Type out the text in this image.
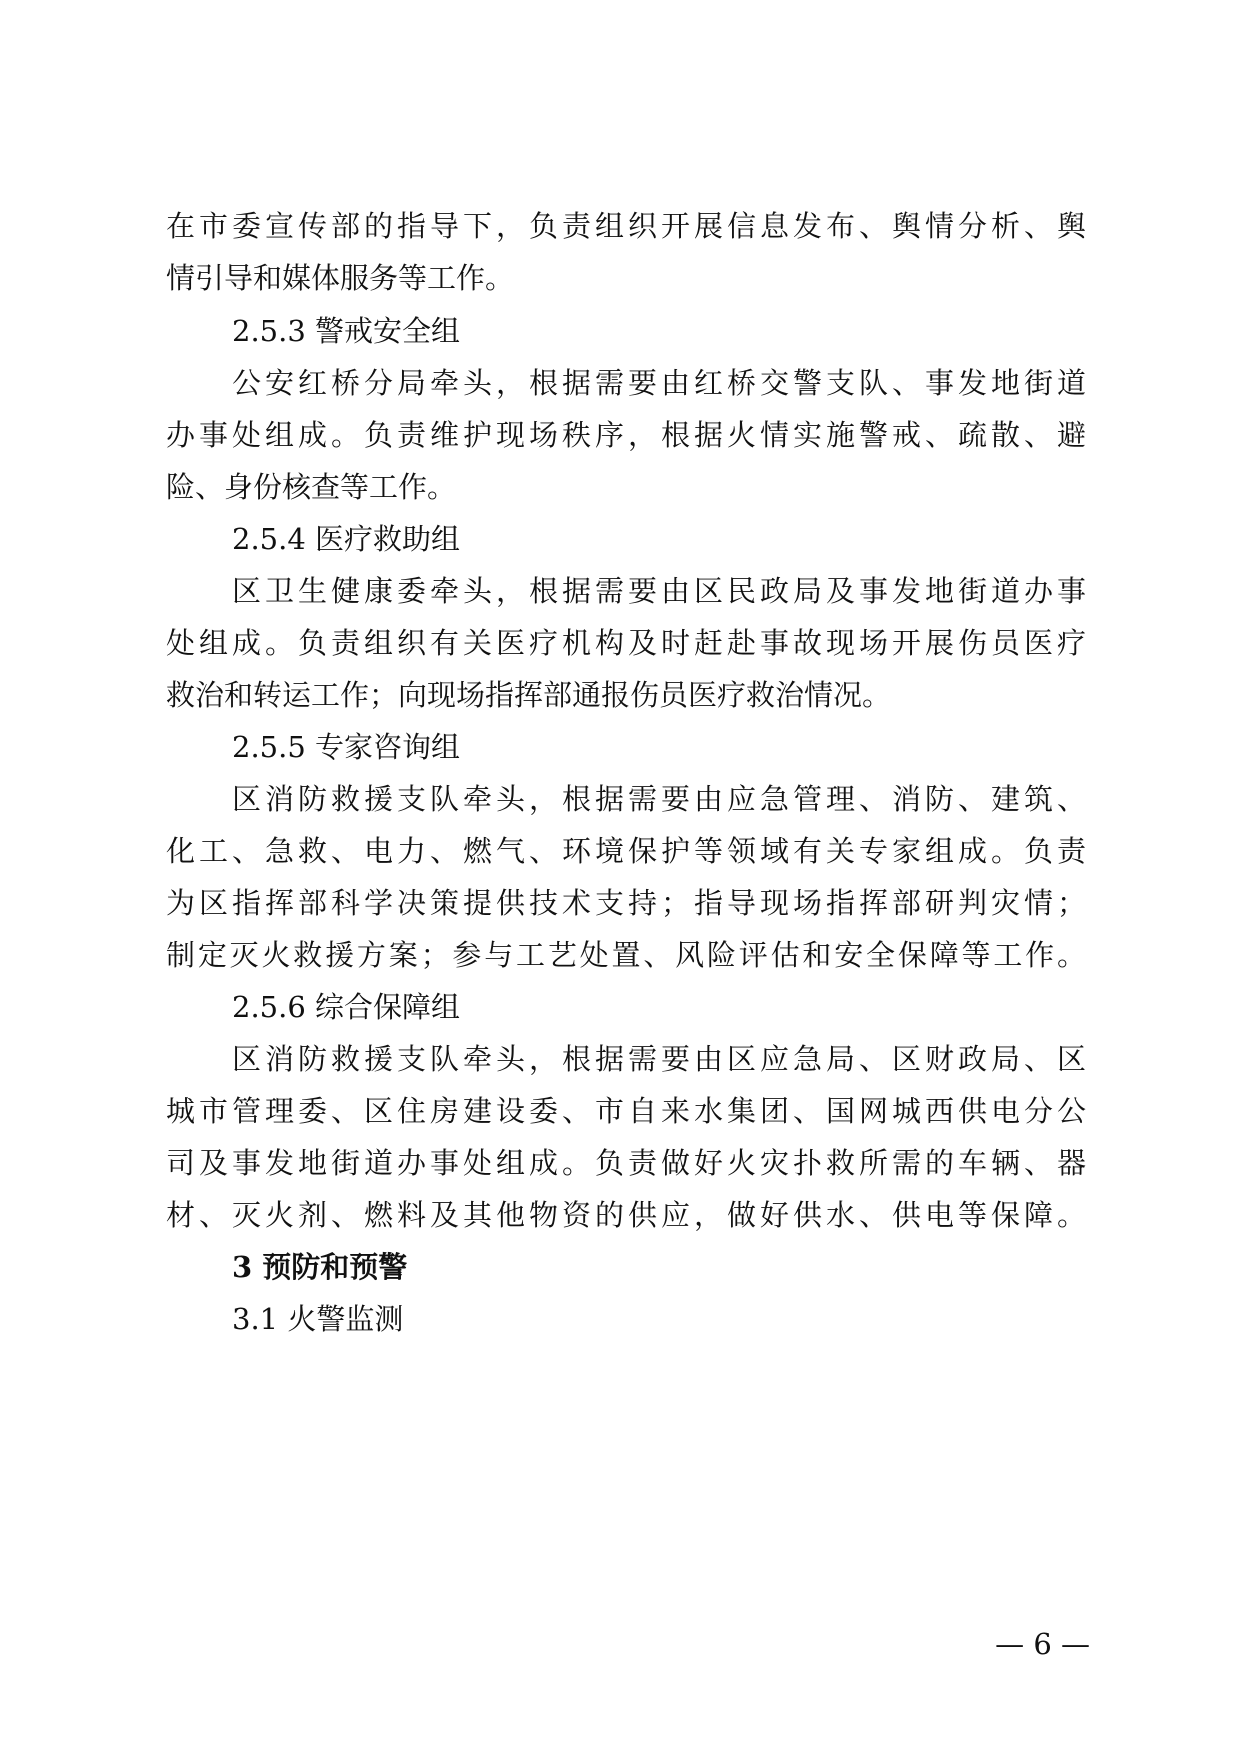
在市委宣传部的指导下，负责组织开展信息发布、舆情分析、舆
情引导和媒体服务等工作。
2.5.3 警戒安全组
公安红桥分局牵头，根据需要由红桥交警支队、事发地街道
办事处组成。负责维护现场秩序，根据火情实施警戒、疏散、避
险、身份核查等工作。
2.5.4 医疗救助组
区卫生健康委牵头，根据需要由区民政局及事发地街道办事
处组成。负责组织有关医疗机构及时赶赴事故现场开展伤员医疗
救治和转运工作；向现场指挥部通报伤员医疗救治情况。
2.5.5 专家咨询组
区消防救援支队牵头，根据需要由应急管理、消防、建筑、
化工、急救、电力、燃气、环境保护等领域有关专家组成。负责
为区指挥部科学决策提供技术支持；指导现场指挥部研判灾情；
制定灭火救援方案；参与工艺处置、风险评估和安全保障等工作。
2.5.6 综合保障组
区消防救援支队牵头，根据需要由区应急局、区财政局、区
城市管理委、区住房建设委、市自来水集团、国网城西供电分公
司及事发地街道办事处组成。负责做好火灾扑救所需的车辆、器
材、灭火剂、燃料及其他物资的供应，做好供水、供电等保障。
3 预防和预警
3.1 火警监测
— 6 —
